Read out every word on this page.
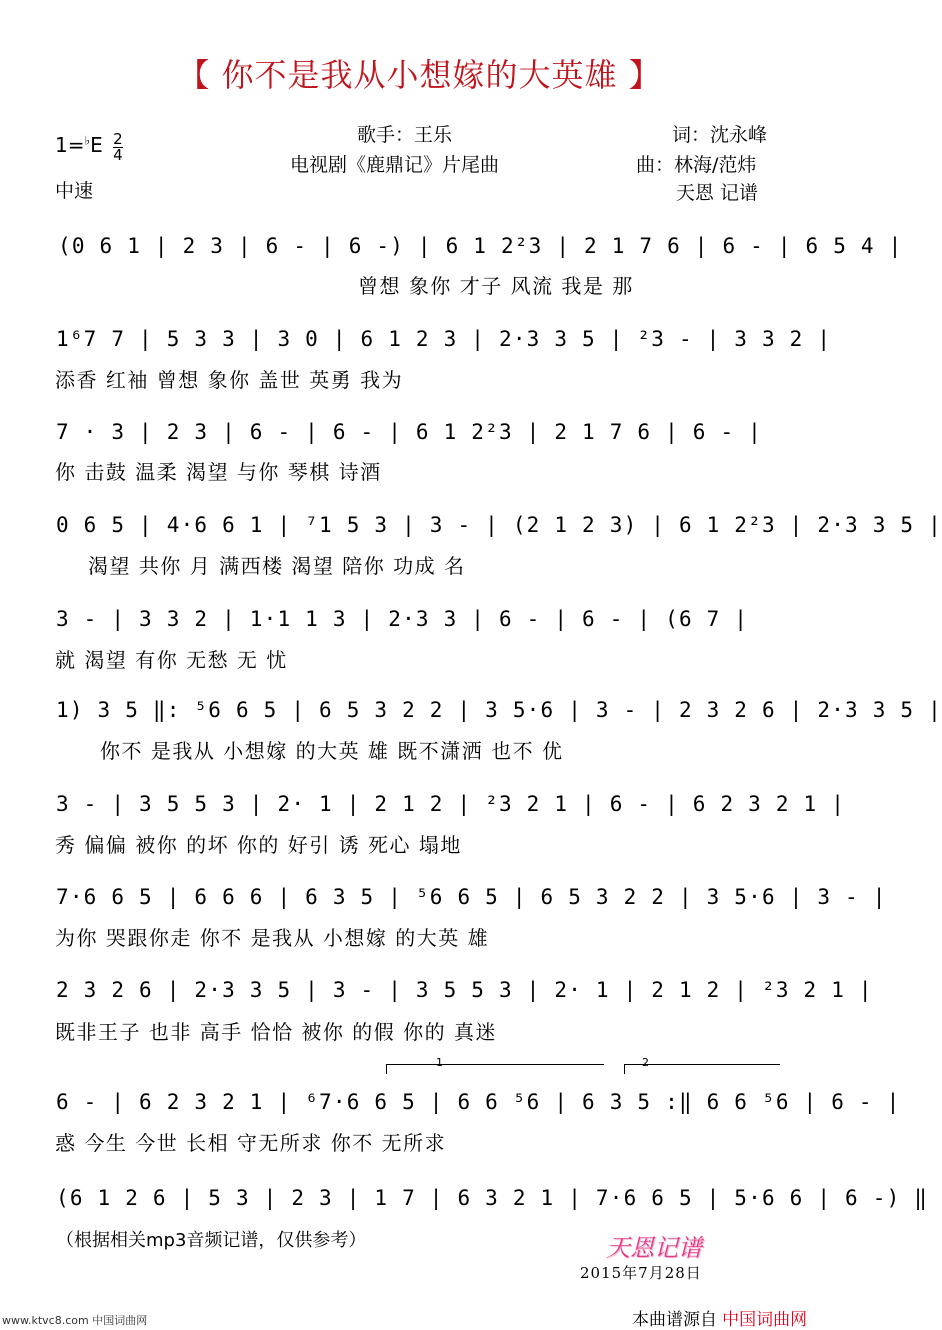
【 你不是我从小想嫁的大英雄 】
$1=^♭E \frac{2}{4}$
中速
歌手：王乐
电视剧《鹿鼎记》片尾曲
词：沈永峰
曲：林海/范炜
天恩 记谱
(0 6 1 | 2 3 | 6 - | 6 -) | 6 1 2²3 | 2 1 7 6 | 6 - | 6 5 4 |
曾想 象你 才子 风流 我是 那
1⁶7 7 | 5 3 3 | 3 0 | 6 1 2 3 | 2·3 3 5 | ²3 - | 3 3 2 |
添香 红袖 曾想 象你 盖世 英勇 我为
7 · 3 | 2 3 | 6 - | 6 - | 6 1 2²3 | 2 1 7 6 | 6 - |
你 击鼓 温柔 渴望 与你 琴棋 诗酒
0 6 5 | 4·6 6 1 | ⁷1 5 3 | 3 - | (2 1 2 3) | 6 1 2²3 | 2·3 3 5 |
渴望 共你 月 满西楼 渴望 陪你 功成 名
3 - | 3 3 2 | 1·1 1 3 | 2·3 3 | 6 - | 6 - | (6 7 |
就 渴望 有你 无愁 无 忧
1) 3 5 ‖: ⁵6 6 5 | 6 5 3 2 2 | 3 5·6 | 3 - | 2 3 2 6 | 2·3 3 5 |
你不 是我从 小想嫁 的大英 雄 既不潇洒 也不 优
3 - | 3 5 5 3 | 2· 1 | 2 1 2 | ²3 2 1 | 6 - | 6 2 3 2 1 |
秀 偏偏 被你 的坏 你的 好引 诱 死心 塌地
7·6 6 5 | 6 6 6 | 6 3 5 | ⁵6 6 5 | 6 5 3 2 2 | 3 5·6 | 3 - |
为你 哭跟你走 你不 是我从 小想嫁 的大英 雄
2 3 2 6 | 2·3 3 5 | 3 - | 3 5 5 3 | 2· 1 | 2 1 2 | ²3 2 1 |
既非王子 也非 高手 恰恰 被你 的假 你的 真迷
1	2
6 - | 6 2 3 2 1 | ⁶7·6 6 5 | 6 6 ⁵6 | 6 3 5 :‖ 6 6 ⁵6 | 6 - |
惑 今生 今世 长相 守无所求 你不 无所求
(6 1 2 6 | 5 3 | 2 3 | 1 7 | 6 3 2 1 | 7·6 6 5 | 5·6 6 | 6 -) ‖
（根据相关mp3音频记谱，仅供参考）	天恩记谱
2015年7月28日
www.ktvc8.com 中国词曲网	本曲谱源自 中国词曲网
